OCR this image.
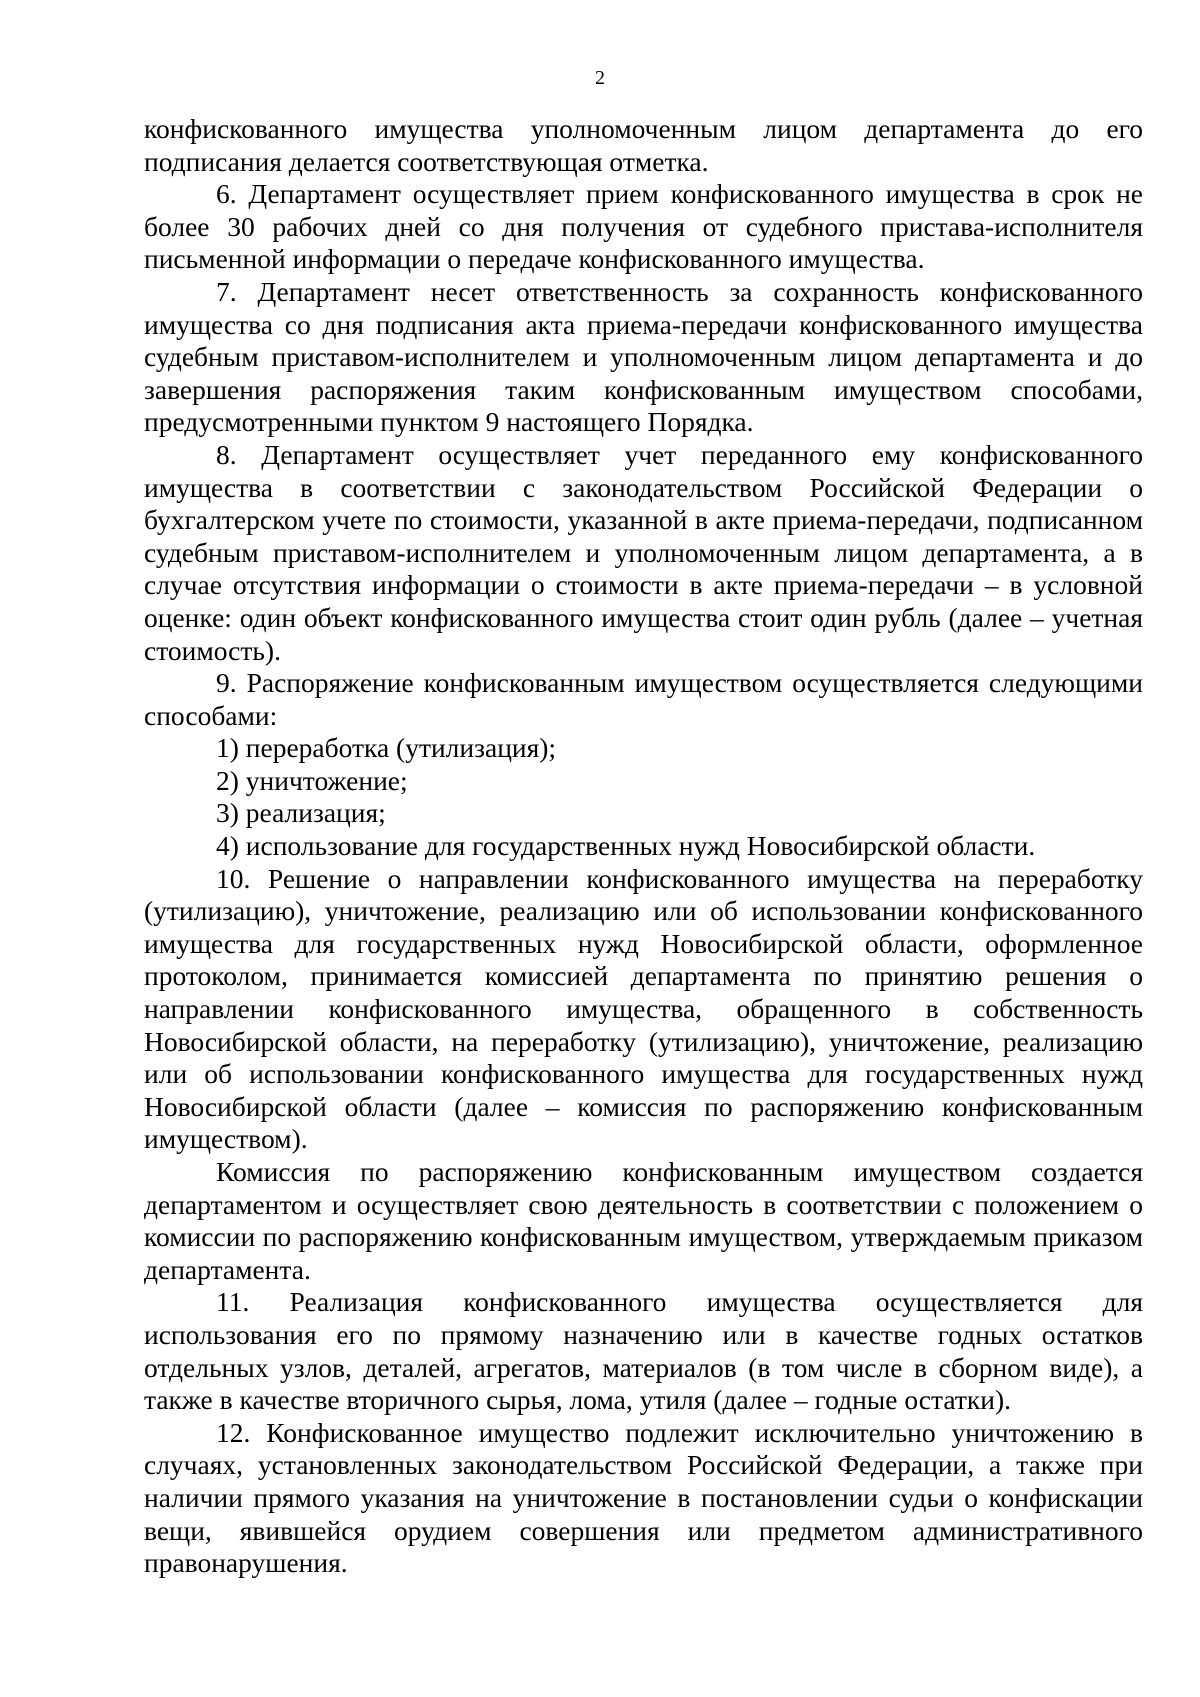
2

конфискованного имущества уполномоченным лицом департамента до его подписания делается соответствующая отметка.

6. Департамент осуществляет прием конфискованного имущества в срок не более 30 рабочих дней со дня получения от судебного пристава-исполнителя письменной информации о передаче конфискованного имущества.

7. Департамент несет ответственность за сохранность конфискованного имущества со дня подписания акта приема-передачи конфискованного имущества судебным приставом-исполнителем и уполномоченным лицом департамента и до завершения распоряжения таким конфискованным имуществом способами, предусмотренными пунктом 9 настоящего Порядка.

8. Департамент осуществляет учет переданного ему конфискованного имущества в соответствии с законодательством Российской Федерации о бухгалтерском учете по стоимости, указанной в акте приема-передачи, подписанном судебным приставом-исполнителем и уполномоченным лицом департамента, а в случае отсутствия информации о стоимости в акте приема-передачи – в условной оценке: один объект конфискованного имущества стоит один рубль (далее – учетная стоимость).

9. Распоряжение конфискованным имуществом осуществляется следующими способами:

1) переработка (утилизация);

2) уничтожение;

3) реализация;

4) использование для государственных нужд Новосибирской области.

10. Решение о направлении конфискованного имущества на переработку (утилизацию), уничтожение, реализацию или об использовании конфискованного имущества для государственных нужд Новосибирской области, оформленное протоколом, принимается комиссией департамента по принятию решения о направлении конфискованного имущества, обращенного в собственность Новосибирской области, на переработку (утилизацию), уничтожение, реализацию или об использовании конфискованного имущества для государственных нужд Новосибирской области (далее – комиссия по распоряжению конфискованным имуществом).

Комиссия по распоряжению конфискованным имуществом создается департаментом и осуществляет свою деятельность в соответствии с положением о комиссии по распоряжению конфискованным имуществом, утверждаемым приказом департамента.

11. Реализация конфискованного имущества осуществляется для использования его по прямому назначению или в качестве годных остатков отдельных узлов, деталей, агрегатов, материалов (в том числе в сборном виде), а также в качестве вторичного сырья, лома, утиля (далее – годные остатки).

12. Конфискованное имущество подлежит исключительно уничтожению в случаях, установленных законодательством Российской Федерации, а также при наличии прямого указания на уничтожение в постановлении судьи о конфискации вещи, явившейся орудием совершения или предметом административного правонарушения.
